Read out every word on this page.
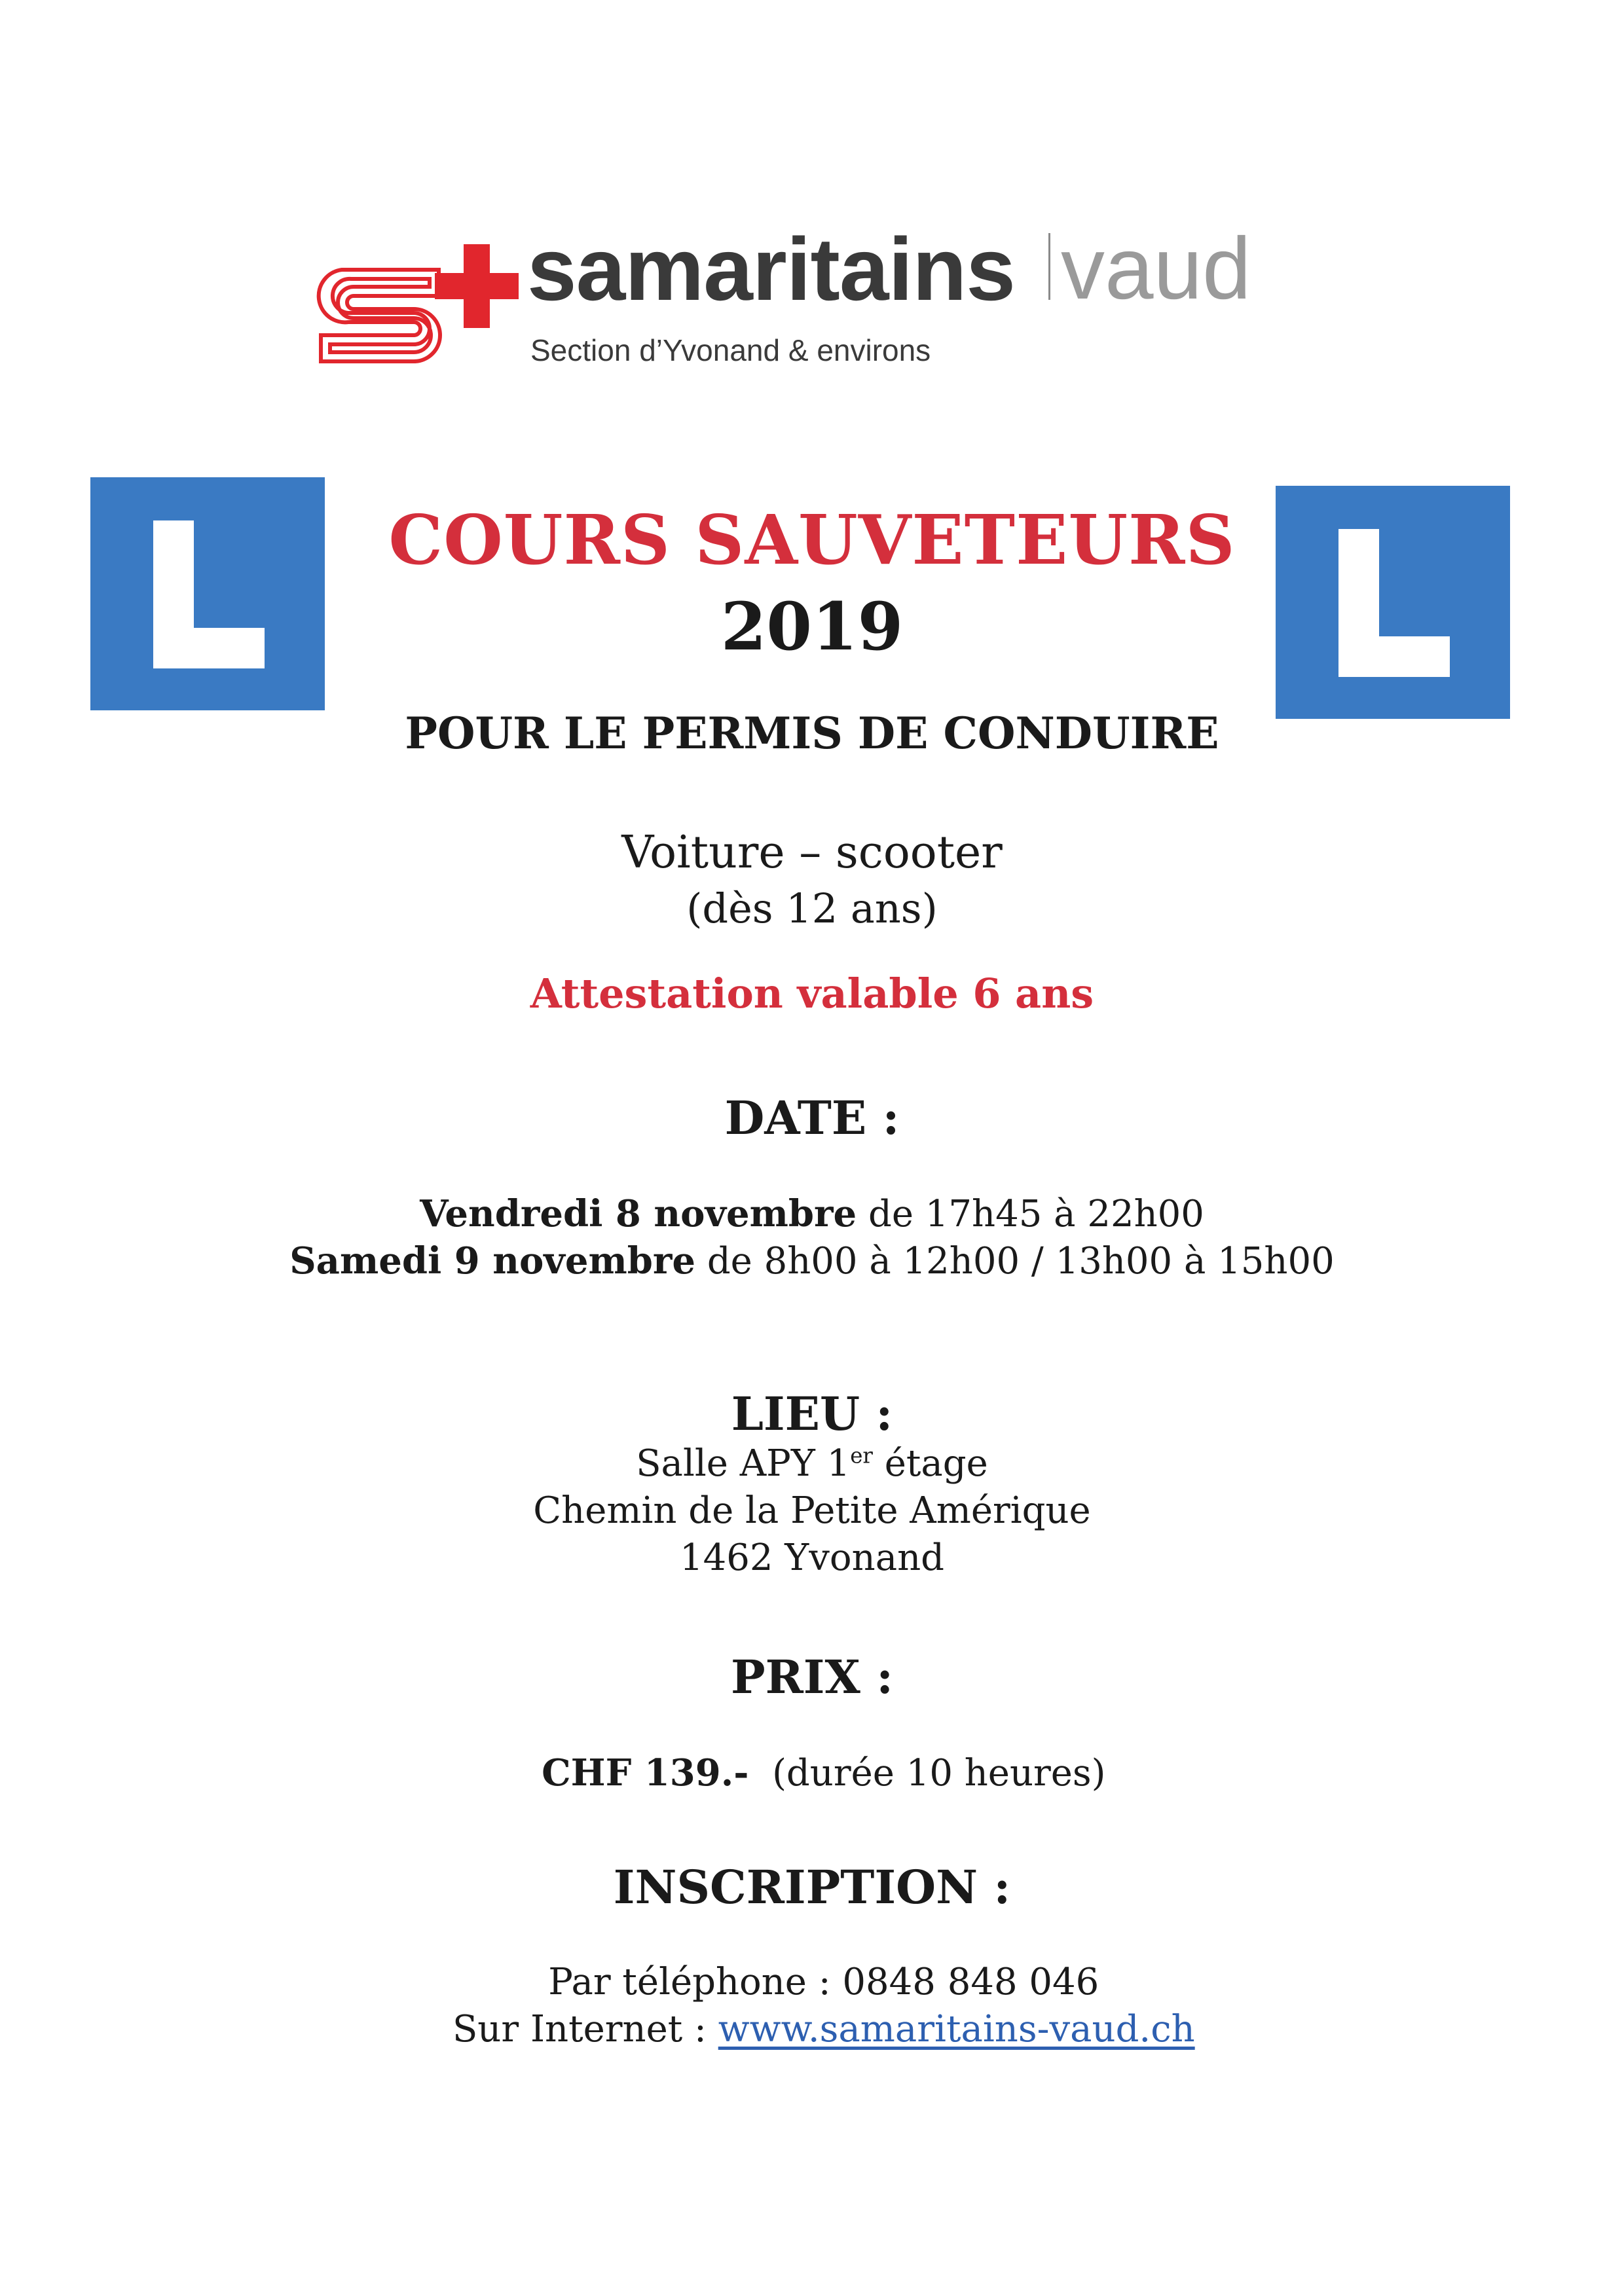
samaritains vaud
Section d’Yvonand & environs
COURS SAUVETEURS
2019
POUR LE PERMIS DE CONDUIRE
Voiture – scooter
(dès 12 ans)
Attestation valable 6 ans
DATE :
Vendredi 8 novembre de 17h45 à 22h00
Samedi 9 novembre de 8h00 à 12h00 / 13h00 à 15h00
LIEU :
Salle APY 1er étage
Chemin de la Petite Amérique
1462 Yvonand
PRIX :

CHF 139.-  (durée 10 heures)

INSCRIPTION :

Par téléphone : 0848 848 046

Sur Internet : www.samaritains-vaud.ch
